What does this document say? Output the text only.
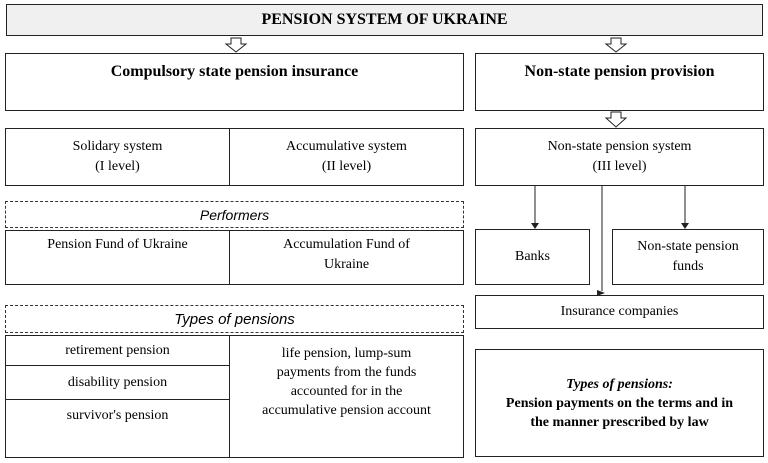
PENSION SYSTEM OF UKRAINE
Compulsory state pension insurance	Non-state pension provision
Solidary system
(I level)
Accumulative system
(II level)
Non-state pension system
(III level)
Performers
Pension Fund of Ukraine	Accumulation Fund of
Ukraine
Banks
Non-state pension
funds
Insurance companies
Types of pensions
retirement pension
disability pension
survivor's pension
life pension, lump-sum
payments from the funds
accounted for in the
accumulative pension account
Types of pensions:
Pension payments on the terms and in
the manner prescribed by law
